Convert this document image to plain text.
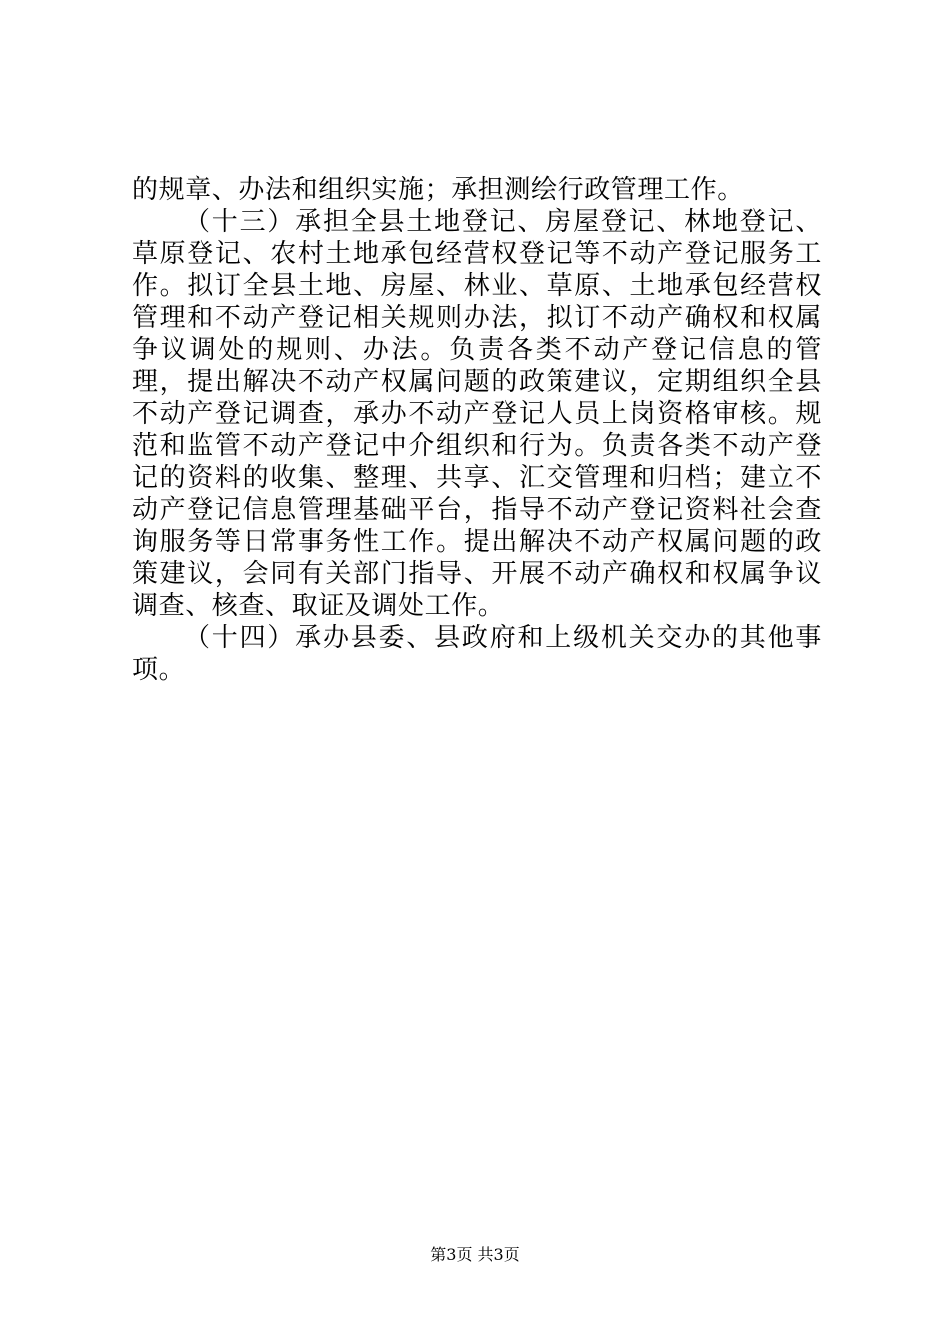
的规章、办法和组织实施；承担测绘行政管理工作。

（十三）承担全县土地登记、房屋登记、林地登记、草原登记、农村土地承包经营权登记等不动产登记服务工作。拟订全县土地、房屋、林业、草原、土地承包经营权管理和不动产登记相关规则办法，拟订不动产确权和权属争议调处的规则、办法。负责各类不动产登记信息的管理，提出解决不动产权属问题的政策建议，定期组织全县不动产登记调查，承办不动产登记人员上岗资格审核。规范和监管不动产登记中介组织和行为。负责各类不动产登记的资料的收集、整理、共享、汇交管理和归档；建立不动产登记信息管理基础平台，指导不动产登记资料社会查询服务等日常事务性工作。提出解决不动产权属问题的政策建议，会同有关部门指导、开展不动产确权和权属争议调查、核查、取证及调处工作。

（十四）承办县委、县政府和上级机关交办的其他事项。

第3页 共3页
